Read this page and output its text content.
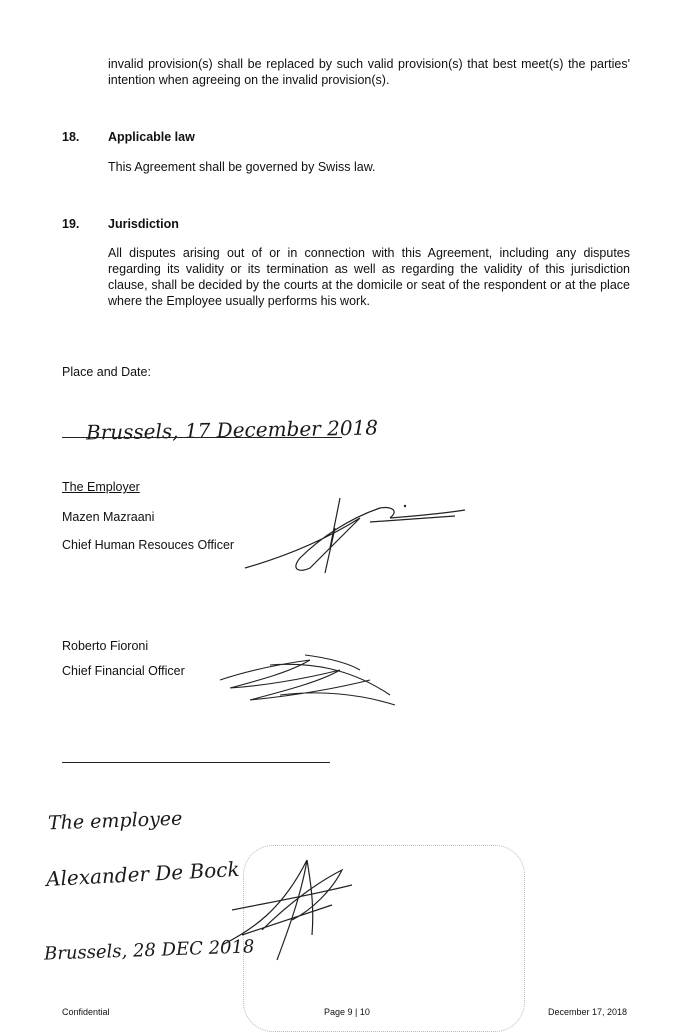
invalid provision(s) shall be replaced by such valid provision(s) that best meet(s) the parties' intention when agreeing on the invalid provision(s).
18. Applicable law
This Agreement shall be governed by Swiss law.
19. Jurisdiction
All disputes arising out of or in connection with this Agreement, including any disputes regarding its validity or its termination as well as regarding the validity of this jurisdiction clause, shall be decided by the courts at the domicile or seat of the respondent or at the place where the Employee usually performs his work.
Place and Date:
Brussels, 17 December 2018
The Employer
Mazen Mazraani
Chief Human Resouces Officer
Roberto Fioroni
Chief Financial Officer
The employee
Alexander De Bock
Brussels, 28 DEC 2018
Confidential	Page 9 | 10	December 17, 2018
